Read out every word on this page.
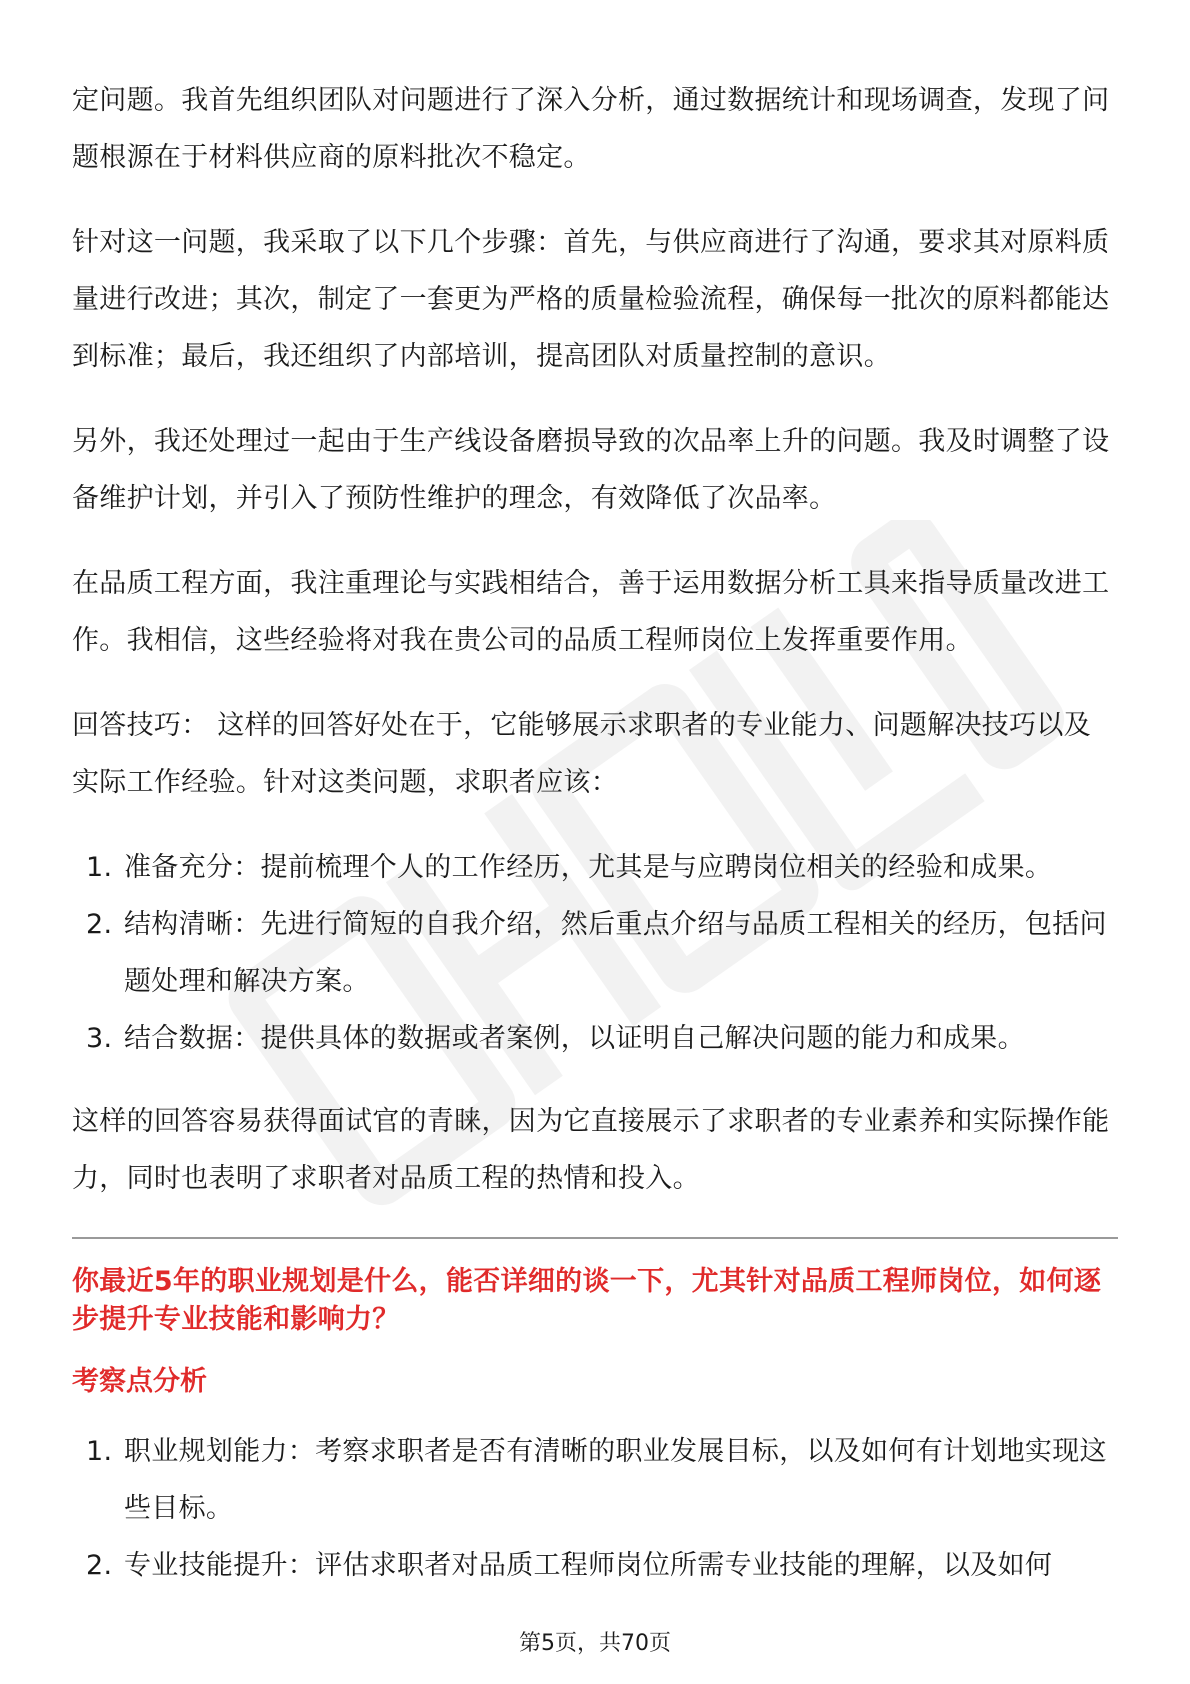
定问题。我首先组织团队对问题进行了深入分析，通过数据统计和现场调查，发现了问题根源在于材料供应商的原料批次不稳定。

针对这一问题，我采取了以下几个步骤：首先，与供应商进行了沟通，要求其对原料质量进行改进；其次，制定了一套更为严格的质量检验流程，确保每一批次的原料都能达到标准；最后，我还组织了内部培训，提高团队对质量控制的意识。

另外，我还处理过一起由于生产线设备磨损导致的次品率上升的问题。我及时调整了设备维护计划，并引入了预防性维护的理念，有效降低了次品率。

在品质工程方面，我注重理论与实践相结合，善于运用数据分析工具来指导质量改进工作。我相信，这些经验将对我在贵公司的品质工程师岗位上发挥重要作用。

回答技巧： 这样的回答好处在于，它能够展示求职者的专业能力、问题解决技巧以及实际工作经验。针对这类问题，求职者应该：

1. 准备充分：提前梳理个人的工作经历，尤其是与应聘岗位相关的经验和成果。
2. 结构清晰：先进行简短的自我介绍，然后重点介绍与品质工程相关的经历，包括问题处理和解决方案。
3. 结合数据：提供具体的数据或者案例，以证明自己解决问题的能力和成果。

这样的回答容易获得面试官的青睐，因为它直接展示了求职者的专业素养和实际操作能力，同时也表明了求职者对品质工程的热情和投入。

你最近5年的职业规划是什么，能否详细的谈一下，尤其针对品质工程师岗位，如何逐步提升专业技能和影响力？
考察点分析
1. 职业规划能力：考察求职者是否有清晰的职业发展目标，以及如何有计划地实现这些目标。
2. 专业技能提升：评估求职者对品质工程师岗位所需专业技能的理解，以及如何
第5页，共70页
